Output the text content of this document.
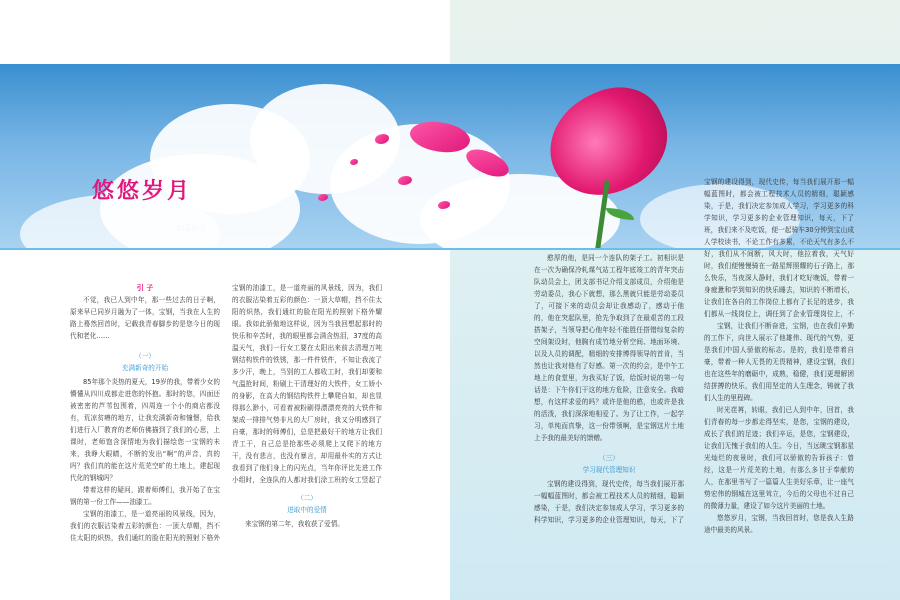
悠悠岁月
文/孟庆尧

引 子

不觉，我已人到中年，那一些过去的日子啊，原来早已同岁月融为了一体，宝钢，当我在人生的路上蓦然回首时，记载我青春脚步的是您今日的现代和老化……

（一）
充满新奇的开始

85年那个炎热的夏天，19岁的我，带着少女的懵懂从四川成都走进您的怀抱。那时的您，四面还被密密的芦苇包围着，四周连一个小的商店都没有，荒凉贫瘠的地方，让我充满新奇和憧憬，给我们进行入厂教育的老师仿佛描到了我们的心思，上课时，老师饱含深情地为我们描绘您一宝钢的未来，我睁大眼睛，不断的发出“啊”的声音，真的吗？我们真的能在这片荒芜空旷的土地上，建起现代化的钢城吗？

带着这样的疑问，跟着师傅们，我开始了在宝钢的第一份工作——油漆工。

宝钢的油漆工，是一道亮丽的风景线，因为，我们的衣服沾染着五彩的颜色：一顶大草帽，挡不住太阳的炽热，我们通红的脸在阳光的照射下格外

宝钢的油漆工，是一道亮丽的风景线，因为，我们的衣服沾染着五彩的颜色：一顶大草帽，挡不住太阳的炽热，我们通红的脸在阳光的照射下格外耀眼。我如此骄傲地这样说，因为当我回想起那时的快乐和辛苦时，我的眼里都会满含热泪，37度的高温天气，我们一行女工要在太阳出来前去清理万吨钢结构铁件的铁锈，那一件件铁件，不知让我流了多少汗，晚上，当别的工人都收工时，我们却要和气温抢时间，粉刷上干清理好的大铁件，女工娇小的身影，在高大的钢结构铁件上攀爬自如，却也显得那么渺小，可看着被粉刷得漂漂亮亮的大铁件和架成一排排气势非凡的大厂房时，我又分明感到了自豪，那时的师傅们，总是把最好干的地方让我们青工干，自己总是抢那些必须爬上又爬下的地方干，没有悲言，也没有暴言，却用最朴实的方式让我看到了他们身上的闪光点，当年你评比先进工作小组时，全连队的人都对我们涂工班的女工竖起了

（二）
进取中的爱情

来宝钢的第二年，我收获了爱情。

憨厚的他，是同一个连队的架子工。初相识是在一次为确保冷轧煤气站工程年底竣工的青年突击队动员会上，团支部书记介绍支部成员，介绍他是劳动委员，我心下就想，那么黑就只能是劳动委员了，可接下来的动员会却让我感动了，感动于他的，他在突起队里，抢先争取到了在最艰苦的工段搭架子，当领导把心他年轻不能胜任搭错综复杂的空间架设时，他胸有成竹地分析空间、地面环境、以及人员的调配，精细的安排博得领导的首肯，当然也让我对他有了好感。第一次的约会，是中午工地上的食堂里，为我买好了饭，给饭时说的第一句话是：下午你们干这的地方危险，注意安全。我暗想，有这样求爱的吗？或许是他的憨，也或许是我的活泼，我们深深地相爱了。为了让工作，一起学习，单纯而真挚，这一份带领啊，是宝钢这片土地上予我的最美好的馈赠。

（三）
学习现代管理知识

宝钢的建设得到，现代史传，每当我们展开那一幅幅蓝图时，都会被工程技术人员的精细，聪颖感染，于是，我们决定参加成人学习，学习更多的科学知识，学习更多的企业管理知识，每天，下了

宝钢的建设得到，现代史传，每当我们展开那一幅幅蓝图时，都会被工程技术人员的精细，聪颖感染，于是，我们决定参加成人学习，学习更多的科学知识，学习更多的企业管理知识，每天，下了班，我们来不及吃饭，便一起骑车30分钟到宝山成人学校读书，不论工作有多累，不论天气有多么不好，我们从不间断，风大时，他拉着我，天气好时，我们便慢慢骑在一路星辉照耀的石子路上，那么快乐，当夜深人静时，我们才吃好晚饭，带着一身疲惫和学到知识的快乐睡去，知识的不断增长，让我们在各自的工作岗位上都有了长足的进步，我们都从一线岗位上，调任到了企业管理岗位上，不

宝钢，让我们不断奋进，宝钢，也在我们辛勤的工作下，向世人展示了他雄伟、现代的气势，更是我们中国人骄傲的标志。是的，我们是带着自豪，带着一种人无畏的无畏精神，建设宝钢，我们也在这些年的磨砺中，成熟，稳健，我们更理解团结拼搏的快乐，我们用坚定的人生理念，铸就了我们人生的里程碑。

时光荏苒，转眼，我们已人到中年，回首，我们青春的每一步都走得坚实，是您，宝钢的建设，成长了我们的足迹；我们辛运，是您，宝钢建设，让我们无愧于我们的人生。今日，当远眺宝钢那星光灿烂的夜景时，我们可以骄傲的告诉孩子：曾经，这是一片荒芜的土地，有那么多甘于奉献的人，在那里书写了一篇篇人生美好乐章，让一座气势宏伟的钢城在这里耸立，今后的父母也不过自己的微薄力量，建设了如今这片美丽的土地。

悠悠岁月，宝钢，当我回首时，您是我人生路途中最美的风景。
